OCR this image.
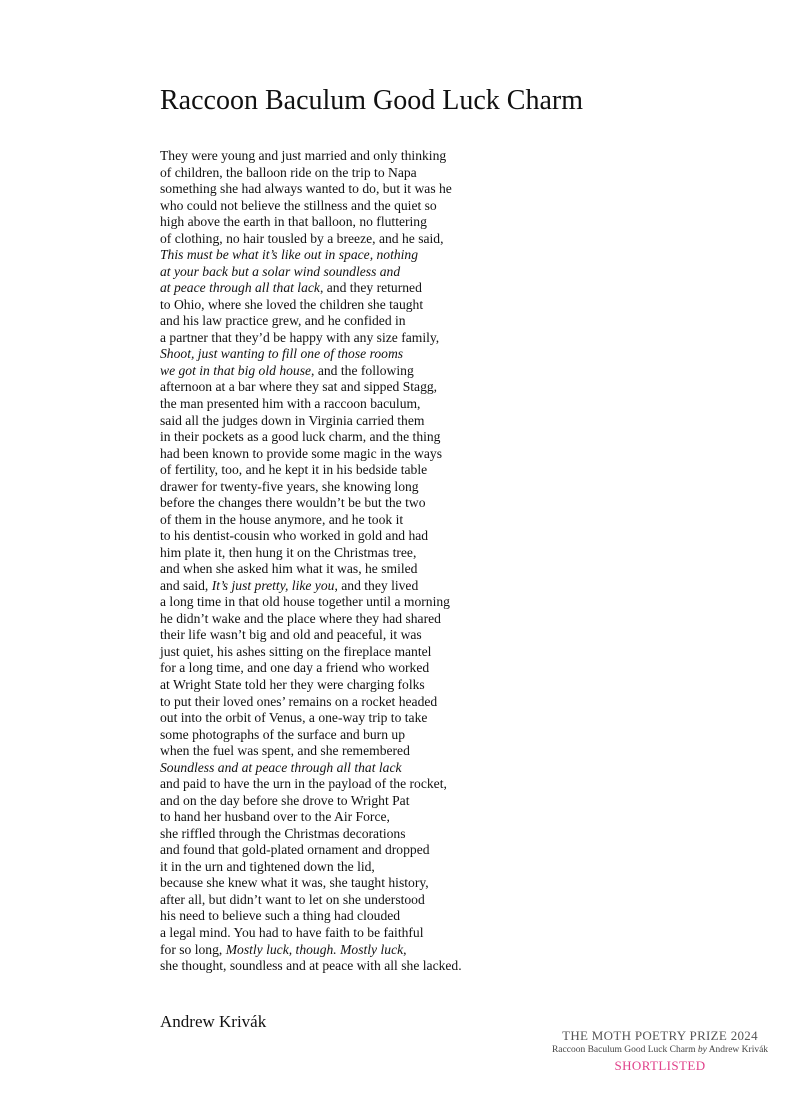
Raccoon Baculum Good Luck Charm
They were young and just married and only thinking
of children, the balloon ride on the trip to Napa
something she had always wanted to do, but it was he
who could not believe the stillness and the quiet so
high above the earth in that balloon, no fluttering
of clothing, no hair tousled by a breeze, and he said,
This must be what it’s like out in space, nothing
at your back but a solar wind soundless and
at peace through all that lack, and they returned
to Ohio, where she loved the children she taught
and his law practice grew, and he confided in
a partner that they’d be happy with any size family,
Shoot, just wanting to fill one of those rooms
we got in that big old house, and the following
afternoon at a bar where they sat and sipped Stagg,
the man presented him with a raccoon baculum,
said all the judges down in Virginia carried them
in their pockets as a good luck charm, and the thing
had been known to provide some magic in the ways
of fertility, too, and he kept it in his bedside table
drawer for twenty-five years, she knowing long
before the changes there wouldn’t be but the two
of them in the house anymore, and he took it
to his dentist-cousin who worked in gold and had
him plate it, then hung it on the Christmas tree,
and when she asked him what it was, he smiled
and said, It’s just pretty, like you, and they lived
a long time in that old house together until a morning
he didn’t wake and the place where they had shared
their life wasn’t big and old and peaceful, it was
just quiet, his ashes sitting on the fireplace mantel
for a long time, and one day a friend who worked
at Wright State told her they were charging folks
to put their loved ones’ remains on a rocket headed
out into the orbit of Venus, a one-way trip to take
some photographs of the surface and burn up
when the fuel was spent, and she remembered
Soundless and at peace through all that lack
and paid to have the urn in the payload of the rocket,
and on the day before she drove to Wright Pat
to hand her husband over to the Air Force,
she riffled through the Christmas decorations
and found that gold-plated ornament and dropped
it in the urn and tightened down the lid,
because she knew what it was, she taught history,
after all, but didn’t want to let on she understood
his need to believe such a thing had clouded
a legal mind. You had to have faith to be faithful
for so long, Mostly luck, though. Mostly luck,
she thought, soundless and at peace with all she lacked.
Andrew Krivák
THE MOTH POETRY PRIZE 2024
Raccoon Baculum Good Luck Charm by Andrew Krivák
SHORTLISTED
